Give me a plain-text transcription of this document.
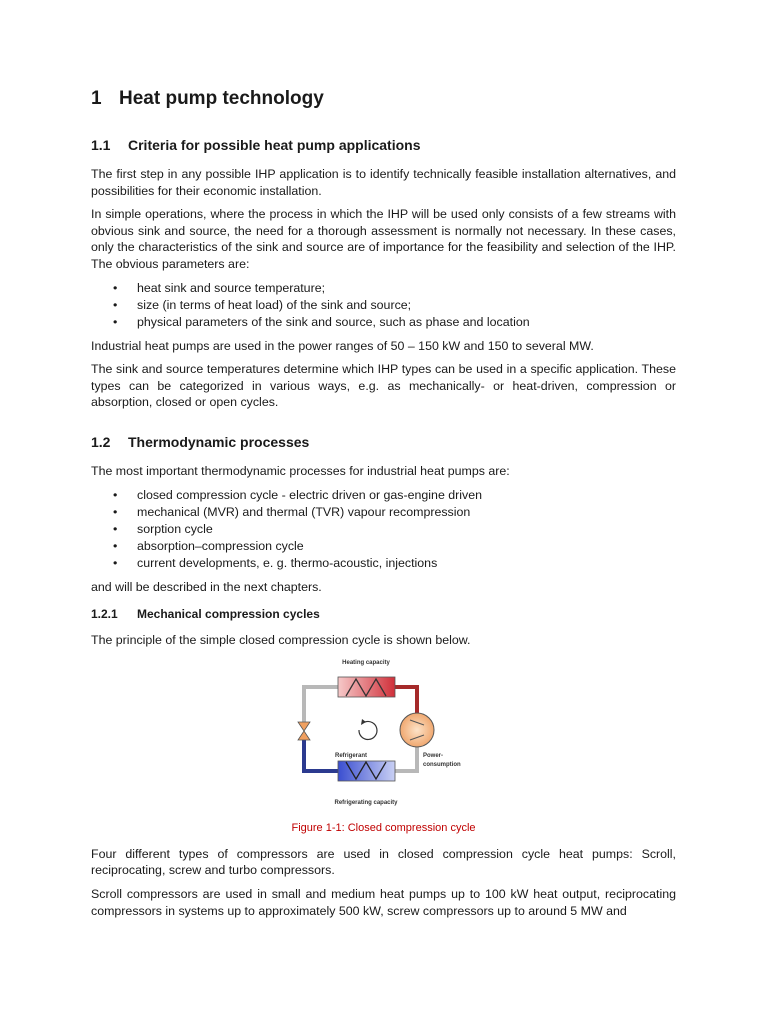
1 Heat pump technology
1.1 Criteria for possible heat pump applications

The first step in any possible IHP application is to identify technically feasible installation alternatives, and possibilities for their economic installation.

In simple operations, where the process in which the IHP will be used only consists of a few streams with obvious sink and source, the need for a thorough assessment is normally not necessary. In these cases, only the characteristics of the sink and source are of importance for the feasibility and selection of the IHP. The obvious parameters are:

• heat sink and source temperature;
• size (in terms of heat load) of the sink and source;
• physical parameters of the sink and source, such as phase and location

Industrial heat pumps are used in the power ranges of 50 – 150 kW and 150 to several MW.

The sink and source temperatures determine which IHP types can be used in a specific application. These types can be categorized in various ways, e.g. as mechanically- or heat-driven, compression or absorption, closed or open cycles.

1.2 Thermodynamic processes

The most important thermodynamic processes for industrial heat pumps are:

• closed compression cycle - electric driven or gas-engine driven
• mechanical (MVR) and thermal (TVR) vapour recompression
• sorption cycle
• absorption–compression cycle
• current developments, e. g. thermo-acoustic, injections

and will be described in the next chapters.

1.2.1 Mechanical compression cycles

The principle of the simple closed compression cycle is shown below.

Heating capacity
Refrigerant	Power-
consumption
Refrigerating capacity
Figure 1-1: Closed compression cycle

Four different types of compressors are used in closed compression cycle heat pumps: Scroll, reciprocating, screw and turbo compressors.

Scroll compressors are used in small and medium heat pumps up to 100 kW heat output, reciprocating compressors in systems up to approximately 500 kW, screw compressors up to around 5 MW and
